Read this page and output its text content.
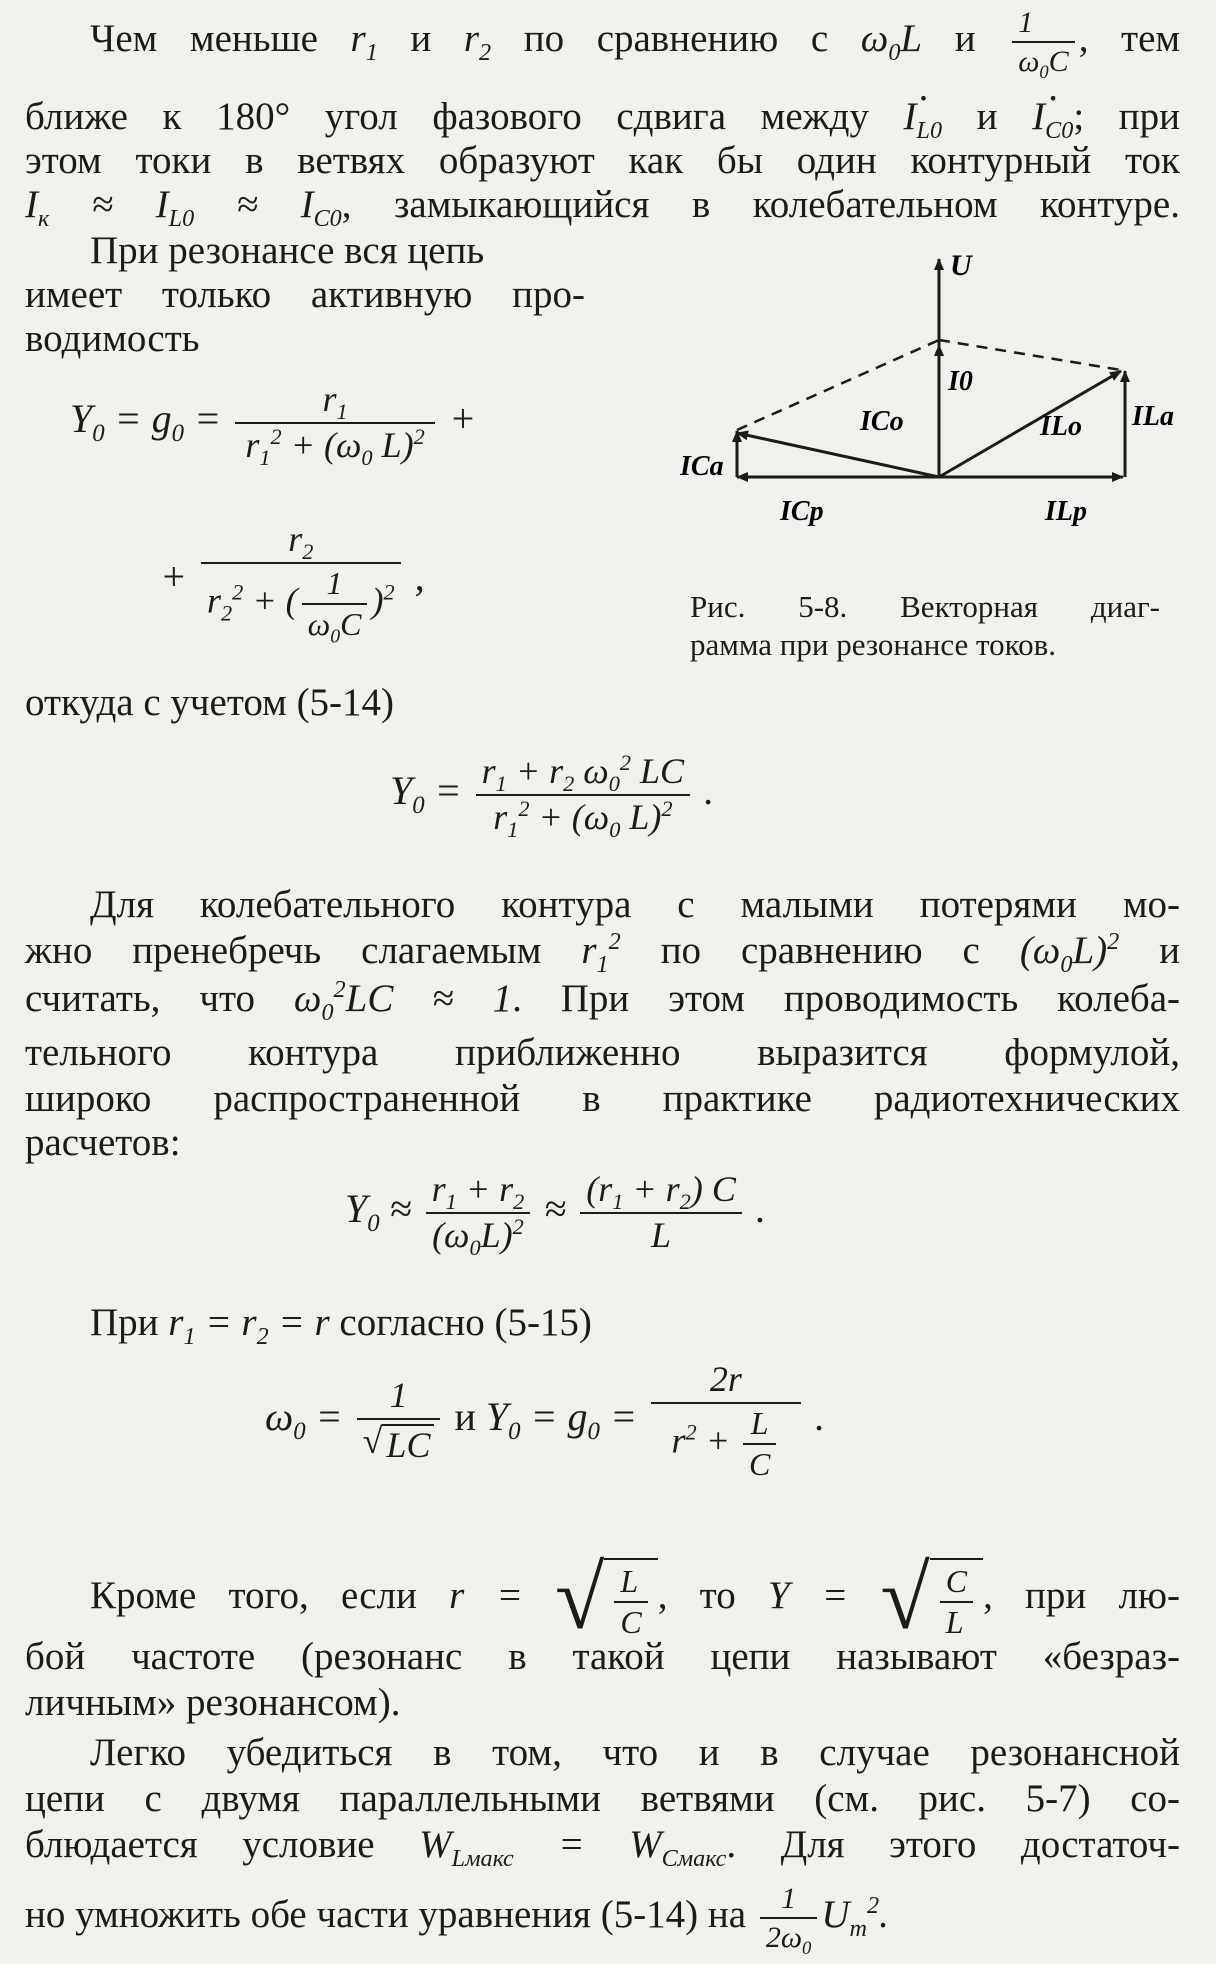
Чем меньше $r_1$ и $r_2$ по сравнению с $\omega_0L$ и $\frac{1}{\omega_0C}$ , тем
ближе к 180° угол фазового сдвига между · $I_{L0}$ $и \cdot I_{C0}$; при
этом токи в ветвях образуют как бы один контурный ток
$I_к \approx I_{L0} \approx I_{C0}$, замыкающийся в колебательном контуре.
При резонансе вся цепь
имеет только активную про-
водимость
$Y_0 = g_0 = \frac{r_1}{r_1^2 + (\omega_0 L)^2}$ +
+ $\frac{r_2}{r_2^2 + ( \frac{1}{\omega_0C} )^2}$ ,
U
I0
ICo	ILo ILa
ICa
ICp	ILp
Рис. 5-8. Векторная диаг-
рамма при резонансе токов.
откуда с учетом (5-14)
$Y_0 = \frac{r_1 + r_2 \omega_0^2 LC}{r_1^2 + (\omega_0 L)^2}$ .
Для колебательного контура с малыми потерями мо-
жно пренебречь слагаемым $r_1^2$ по сравнению с $(\omega_0L)^2$ и
считать, что $\omega_0^2LC \approx 1$. При этом проводимость колеба-
тельного контура приближенно выразится формулой,
широко распространенной в практике радиотехнических
расчетов:
$Y_0 \approx \frac{r_1 + r_2}{(\omega_0L)^2} \approx \frac{(r_1 + r_2) C}{L}$ .
При $r_1 = r_2 = r$ согласно (5-15)
$\omega_0 = \frac{1}{√ LC}$ и $Y_0 = g_0 = \frac{2r}{r^2 + \frac{L}{C}}$ .
Кроме того, если r = √ $\frac{L}{C}$ , то Y = √ $\frac{C}{L}$ , при лю-
бой частоте (резонанс в такой цепи называют «безраз-
личным» резонансом).
Легко убедиться в том, что и в случае резонансной
цепи с двумя параллельными ветвями (см. рис. 5-7) со-
блюдается условие $W_{Lмакс} = W_{Cмакс}$. Для этого достаточ-
но умножить обе части уравнения (5-14) на $\frac{1}{2\omega_0} U_m^2$.
